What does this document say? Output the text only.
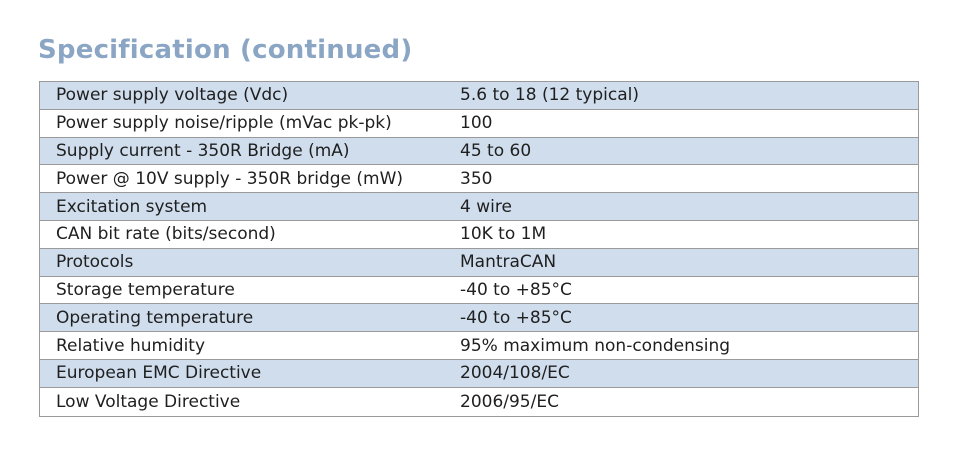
Specification (continued)
Power supply voltage (Vdc)	5.6 to 18 (12 typical)
Power supply noise/ripple (mVac pk-pk)	100
Supply current - 350R Bridge (mA)	45 to 60
Power @ 10V supply - 350R bridge (mW)	350
Excitation system	4 wire
CAN bit rate (bits/second)	10K to 1M
Protocols	MantraCAN
Storage temperature	-40 to +85°C
Operating temperature	-40 to +85°C
Relative humidity	95% maximum non-condensing
European EMC Directive	2004/108/EC
Low Voltage Directive	2006/95/EC
